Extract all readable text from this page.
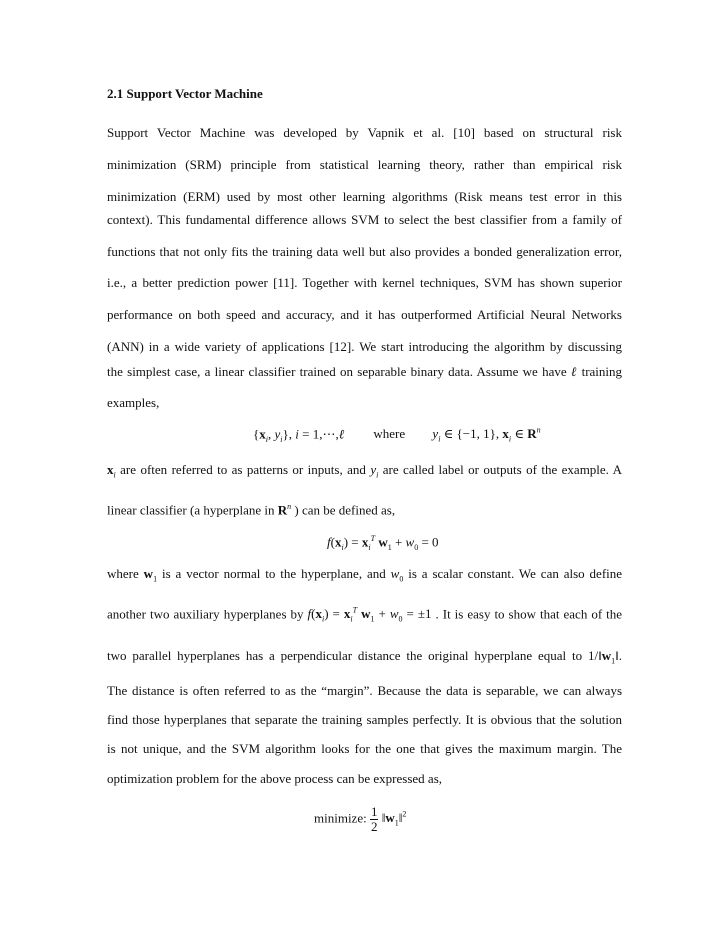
2.1 Support Vector Machine
Support Vector Machine was developed by Vapnik et al. [10] based on structural risk
minimization (SRM) principle from statistical learning theory, rather than empirical risk
minimization (ERM) used by most other learning algorithms (Risk means test error in this
context). This fundamental difference allows SVM to select the best classifier from a family of
functions that not only fits the training data well but also provides a bonded generalization error,
i.e., a better prediction power [11]. Together with kernel techniques, SVM has shown superior
performance on both speed and accuracy, and it has outperformed Artificial Neural Networks
(ANN) in a wide variety of applications [12]. We start introducing the algorithm by discussing
the simplest case, a linear classifier trained on separable binary data. Assume we have ℓ training
examples,
{$x_i$, $y_i$}, i = 1,⋯,ℓ where $y_i$ ∈ {−1, 1}, $x_i$ ∈ $R^n$
$x_i$ are often referred to as patterns or inputs, and $y_i$ are called label or outputs of the example. A
linear classifier (a hyperplane in $R^n$ ) can be defined as,
$f(x_i) = x_i^T$ $w_1 + w_0 = 0$
where $w_1$ is a vector normal to the hyperplane, and $w_0$ is a scalar constant. We can also define
another two auxiliary hyperplanes by $f(x_i) = x_i^T$ $w_1 + w_0 = \pm 1$ . It is easy to show that each of the
two parallel hyperplanes has a perpendicular distance the original hyperplane equal to $1/‖w_1‖$.
The distance is often referred to as the “margin”. Because the data is separable, we can always
find those hyperplanes that separate the training samples perfectly. It is obvious that the solution
is not unique, and the SVM algorithm looks for the one that gives the maximum margin. The
optimization problem for the above process can be expressed as,
minimize: $\frac{1}{2}$ $‖w_1‖^2$
